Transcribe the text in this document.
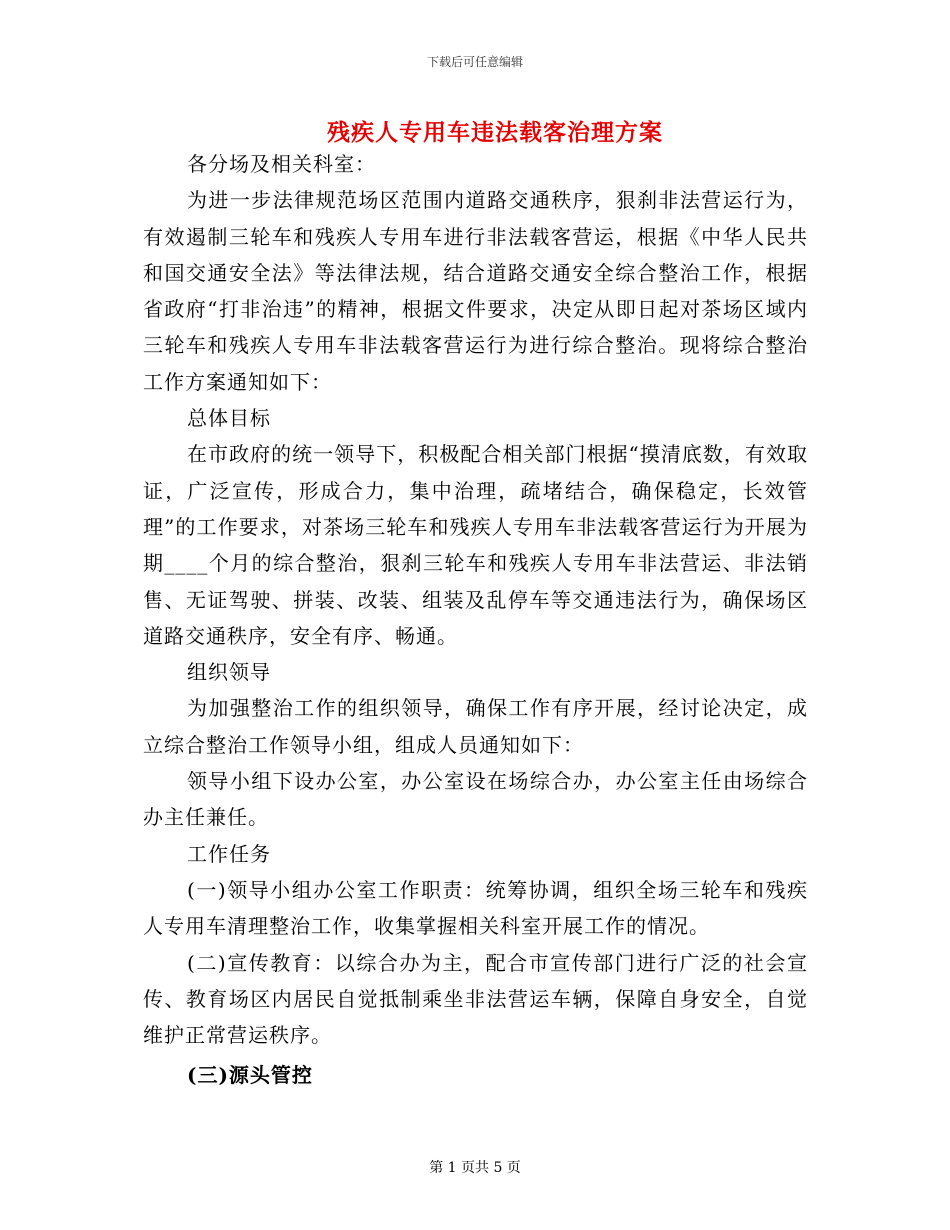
下载后可任意编辑
残疾人专用车违法载客治理方案

各分场及相关科室：

为进一步法律规范场区范围内道路交通秩序，狠刹非法营运行为，有效遏制三轮车和残疾人专用车进行非法载客营运，根据《中华人民共和国交通安全法》等法律法规，结合道路交通安全综合整治工作，根据省政府“打非治违”的精神，根据文件要求，决定从即日起对茶场区域内三轮车和残疾人专用车非法载客营运行为进行综合整治。现将综合整治工作方案通知如下：

总体目标

在市政府的统一领导下，积极配合相关部门根据“摸清底数，有效取证，广泛宣传，形成合力，集中治理，疏堵结合，确保稳定，长效管理”的工作要求，对茶场三轮车和残疾人专用车非法载客营运行为开展为期____个月的综合整治，狠刹三轮车和残疾人专用车非法营运、非法销售、无证驾驶、拼装、改装、组装及乱停车等交通违法行为，确保场区道路交通秩序，安全有序、畅通。

组织领导

为加强整治工作的组织领导，确保工作有序开展，经讨论决定，成立综合整治工作领导小组，组成人员通知如下：

领导小组下设办公室，办公室设在场综合办，办公室主任由场综合办主任兼任。

工作任务

(一)领导小组办公室工作职责：统筹协调，组织全场三轮车和残疾人专用车清理整治工作，收集掌握相关科室开展工作的情况。

(二)宣传教育：以综合办为主，配合市宣传部门进行广泛的社会宣传、教育场区内居民自觉抵制乘坐非法营运车辆，保障自身安全，自觉维护正常营运秩序。

(三)源头管控

第 1 页共 5 页
